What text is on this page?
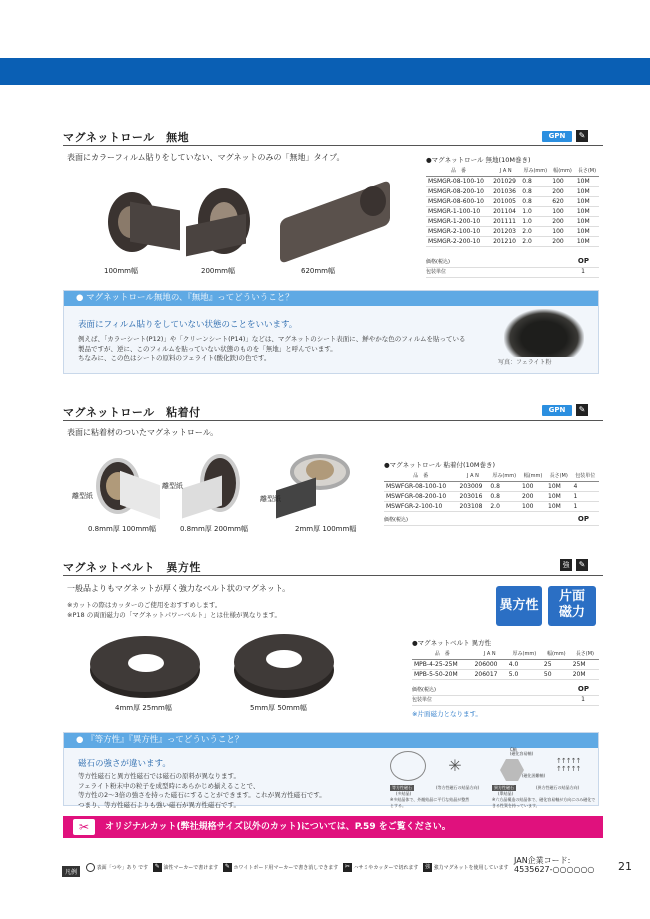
マグネットロール　無地	GPN	✎
表面にカラーフィルム貼りをしていない、マグネットのみの「無地」タイプ。
100mm幅	200mm幅	620mm幅
●マグネットロール 無地(10M巻き)
品　番	J A N	厚み(mm)	幅(mm)	長さ(M)
MSMGR-08-100-10	201029	0.8	100	10M
MSMGR-08-200-10	201036	0.8	200	10M
MSMGR-08-600-10	201005	0.8	620	10M
MSMGR-1-100-10	201104	1.0	100	10M
MSMGR-1-200-10	201111	1.0	200	10M
MSMGR-2-100-10	201203	2.0	100	10M
MSMGR-2-200-10	201210	2.0	200	10M
価格(税込)	OP
包装単位	1
● マグネットロール無地の、『無地』ってどういうこと？
表面にフィルム貼りをしていない状態のことをいいます。
例えば、「カラーシート(P12)」や「クリーンシート(P14)」などは、マグネットのシート表面に、鮮やかな色のフィルムを貼っている
製品ですが、逆に、このフィルムを貼っていない状態のものを「無地」と呼んでいます。
ちなみに、この色はシートの原料のフェライト(酸化鉄)の色です。
写真：フェライト粉
マグネットロール　粘着付	GPN	✎
表面に粘着材のついたマグネットロール。
離型紙
離型紙
離型紙
0.8mm厚 100mm幅	0.8mm厚 200mm幅	2mm厚 100mm幅
●マグネットロール 粘着付(10M巻き)
品　番	J A N	厚み(mm)	幅(mm)	長さ(M)	包装単位
MSWFGR-08-100-10	203009	0.8	100	10M	4
MSWFGR-08-200-10	203016	0.8	200	10M	1
MSWFGR-2-100-10	203108	2.0	100	10M	1
価格(税込)	OP
マグネットベルト　異方性	強	✎
一般品よりもマグネットが厚く強力なベルト状のマグネット。
※カットの際はカッターのご使用をおすすめします。
※P18 の両面磁力の「マグネットパワーベルト」とは仕様が異なります。
異方性
片面
磁力
4mm厚 25mm幅	5mm厚 50mm幅
●マグネットベルト 異方性
品　番	J A N	厚み(mm)	幅(mm)	長さ(M)
MPB-4-25-25M	206000	4.0	25	25M
MPB-5-50-20M	206017	5.0	50	20M
価格(税込)	OP
包装単位	1
※片面磁力となります。
● 『等方性』『異方性』ってどういうこと？
磁石の強さが違います。
等方性磁石と異方性磁石では磁石の原料が異なります。
フェライト粉末中の粒子を成型時にあらかじめ揃えることで、
等方性の2～3倍の強さを持った磁石にすることができます。これが異方性磁石です。
つまり、等方性磁石よりも強い磁石が異方性磁石です。
✳
等方性磁石
(多結晶)
※多結晶体で、外観結晶に平行な結晶が整然とする。
(等方性磁石の結晶方向)
C軸
(磁化容易軸)
(磁化困難軸)
↑↑↑↑↑
↑↑↑↑↑
異方性磁石
(單結晶)
(異方性磁石の結晶方向)
※六方晶構造の結晶体で、磁化容易軸が方向にのみ磁化できる性質を持っています。
✂	オリジナルカット(弊社規格サイズ以外のカット)については、P.59 をご覧ください。
凡例
表面「つや」あり です ✎ 油性マーカーで書けます ✎ ホワイトボード用マーカーで書き消しできます ✂ ハサミやカッターで切れます 強 強力マグネットを使用しています
JAN企業コード:
4535627-○○○○○○ 21
